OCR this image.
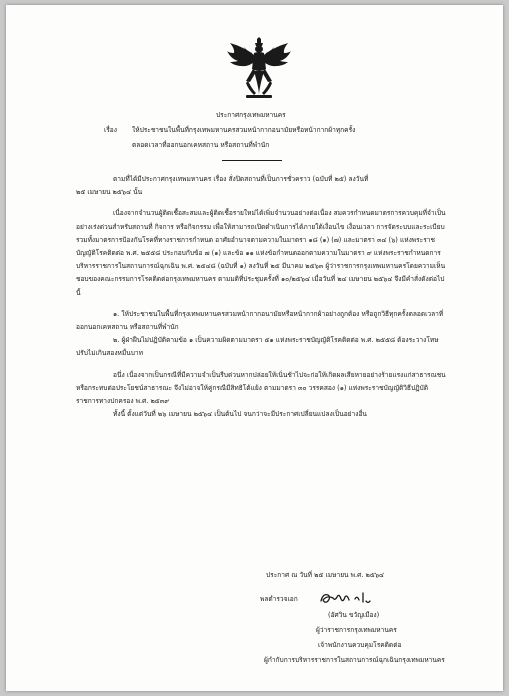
ประกาศกรุงเทพมหานคร
เรื่อง ให้ประชาชนในพื้นที่กรุงเทพมหานครสวมหน้ากากอนามัยหรือหน้ากากผ้าทุกครั้ง
ตลอดเวลาที่ออกนอกเคหสถาน หรือสถานที่พำนัก

ตามที่ได้มีประกาศกรุงเทพมหานคร เรื่อง สั่งปิดสถานที่เป็นการชั่วคราว (ฉบับที่ ๒๕) ลงวันที่

๒๕ เมษายน ๒๕๖๔ นั้น

เนื่องจากจำนวนผู้ติดเชื้อสะสมและผู้ติดเชื้อรายใหม่ได้เพิ่มจำนวนอย่างต่อเนื่อง สมควรกำหนดมาตรการควบคุมที่จำเป็นอย่างเร่งด่วนสำหรับสถานที่ กิจการ หรือกิจกรรม เพื่อให้สามารถเปิดดำเนินการได้ภายใต้เงื่อนไข เงื่อนเวลา การจัดระบบและระเบียบ รวมทั้งมาตรการป้องกันโรคที่ทางราชการกำหนด อาศัยอำนาจตามความในมาตรา ๑๘ (๑) (๗) และมาตรา ๓๔ (๖) แห่งพระราชบัญญัติโรคติดต่อ พ.ศ. ๒๕๕๘ ประกอบกับข้อ ๗ (๑) และข้อ ๑๑ แห่งข้อกำหนดออกตามความในมาตรา ๙ แห่งพระราชกำหนดการบริหารราชการในสถานการณ์ฉุกเฉิน พ.ศ. ๒๕๔๘ (ฉบับที่ ๑) ลงวันที่ ๒๕ มีนาคม ๒๕๖๓ ผู้ว่าราชการกรุงเทพมหานครโดยความเห็นชอบของคณะกรรมการโรคติดต่อกรุงเทพมหานคร ตามมติที่ประชุมครั้งที่ ๑๐/๒๕๖๔ เมื่อวันที่ ๒๔ เมษายน ๒๕๖๔ จึงมีคำสั่งดังต่อไปนี้

๑. ให้ประชาชนในพื้นที่กรุงเทพมหานครสวมหน้ากากอนามัยหรือหน้ากากผ้าอย่างถูกต้อง หรือถูกวิธีทุกครั้งตลอดเวลาที่ออกนอกเคหสถาน หรือสถานที่พำนัก

๒. ผู้ฝ่าฝืนไม่ปฏิบัติตามข้อ ๑ เป็นความผิดตามมาตรา ๕๑ แห่งพระราชบัญญัติโรคติดต่อ พ.ศ. ๒๕๕๘ ต้องระวางโทษปรับไม่เกินสองหมื่นบาท

อนึ่ง เนื่องจากเป็นกรณีที่มีความจำเป็นรีบด่วนหากปล่อยให้เนิ่นช้าไปจะก่อให้เกิดผลเสียหายอย่างร้ายแรงแก่สาธารณชนหรือกระทบต่อประโยชน์สาธารณะ จึงไม่อาจให้คู่กรณีมีสิทธิโต้แย้ง ตามมาตรา ๓๐ วรรคสอง (๑) แห่งพระราชบัญญัติวิธีปฏิบัติราชการทางปกครอง พ.ศ. ๒๕๓๙

ทั้งนี้ ตั้งแต่วันที่ ๒๖ เมษายน ๒๕๖๔ เป็นต้นไป จนกว่าจะมีประกาศเปลี่ยนแปลงเป็นอย่างอื่น

ประกาศ ณ วันที่ ๒๕ เมษายน พ.ศ. ๒๕๖๔
พลตำรวจเอก
(อัศวิน ขวัญเมือง)
ผู้ว่าราชการกรุงเทพมหานคร
เจ้าพนักงานควบคุมโรคติดต่อ
ผู้กำกับการบริหารราชการในสถานการณ์ฉุกเฉินกรุงเทพมหานคร
